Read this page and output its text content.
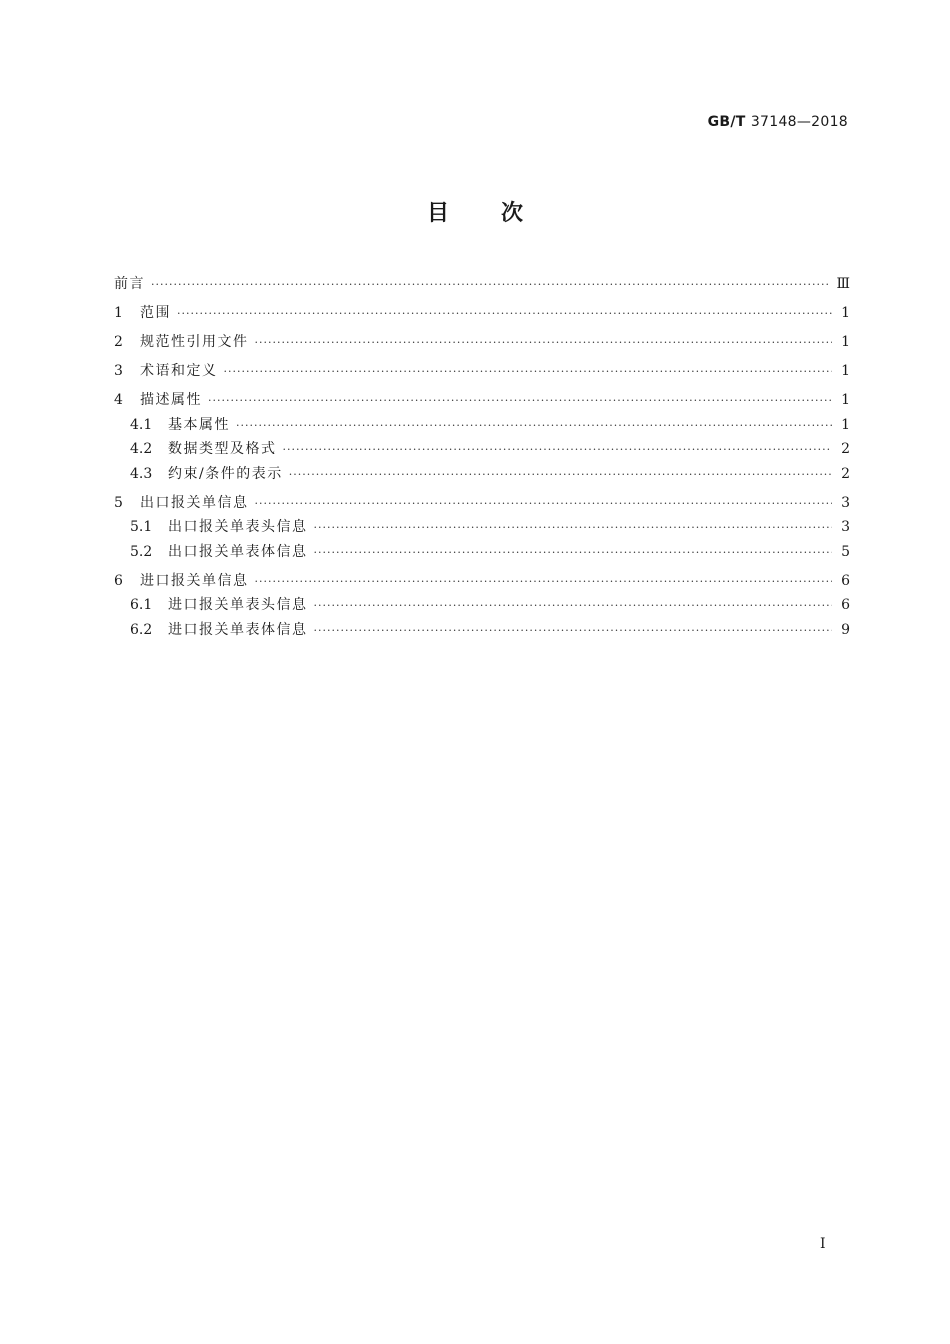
GB/T 37148—2018
目次
前言 ·····	Ⅲ
1	范围 ·····	1
2	规范性引用文件 ·····	1
3	术语和定义 ·····	1
4	描述属性 ·····	1
4.1	基本属性 ·····	1
4.2	数据类型及格式 ·····	2
4.3	约束/条件的表示 ·····	2
5	出口报关单信息 ·····	3
5.1	出口报关单表头信息 ·····	3
5.2	出口报关单表体信息 ·····	5
6	进口报关单信息 ·····	6
6.1	进口报关单表头信息 ·····	6
6.2	进口报关单表体信息 ·····	9
I
